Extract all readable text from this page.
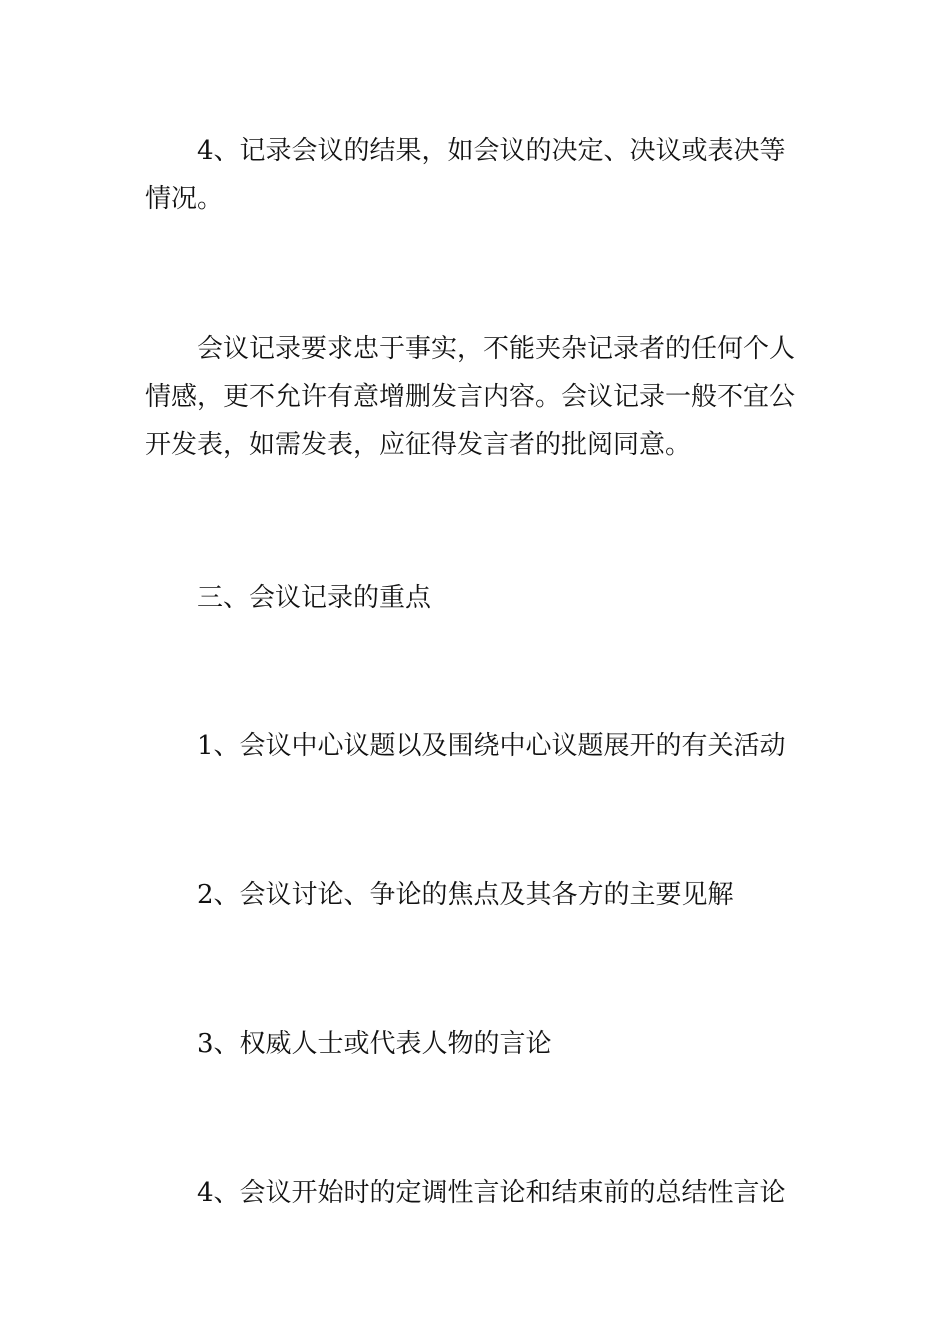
4、记录会议的结果，如会议的决定、决议或表决等情况。

会议记录要求忠于事实，不能夹杂记录者的任何个人情感，更不允许有意增删发言内容。会议记录一般不宜公开发表，如需发表，应征得发言者的批阅同意。

三、会议记录的重点

1、会议中心议题以及围绕中心议题展开的有关活动

2、会议讨论、争论的焦点及其各方的主要见解

3、权威人士或代表人物的言论

4、会议开始时的定调性言论和结束前的总结性言论
